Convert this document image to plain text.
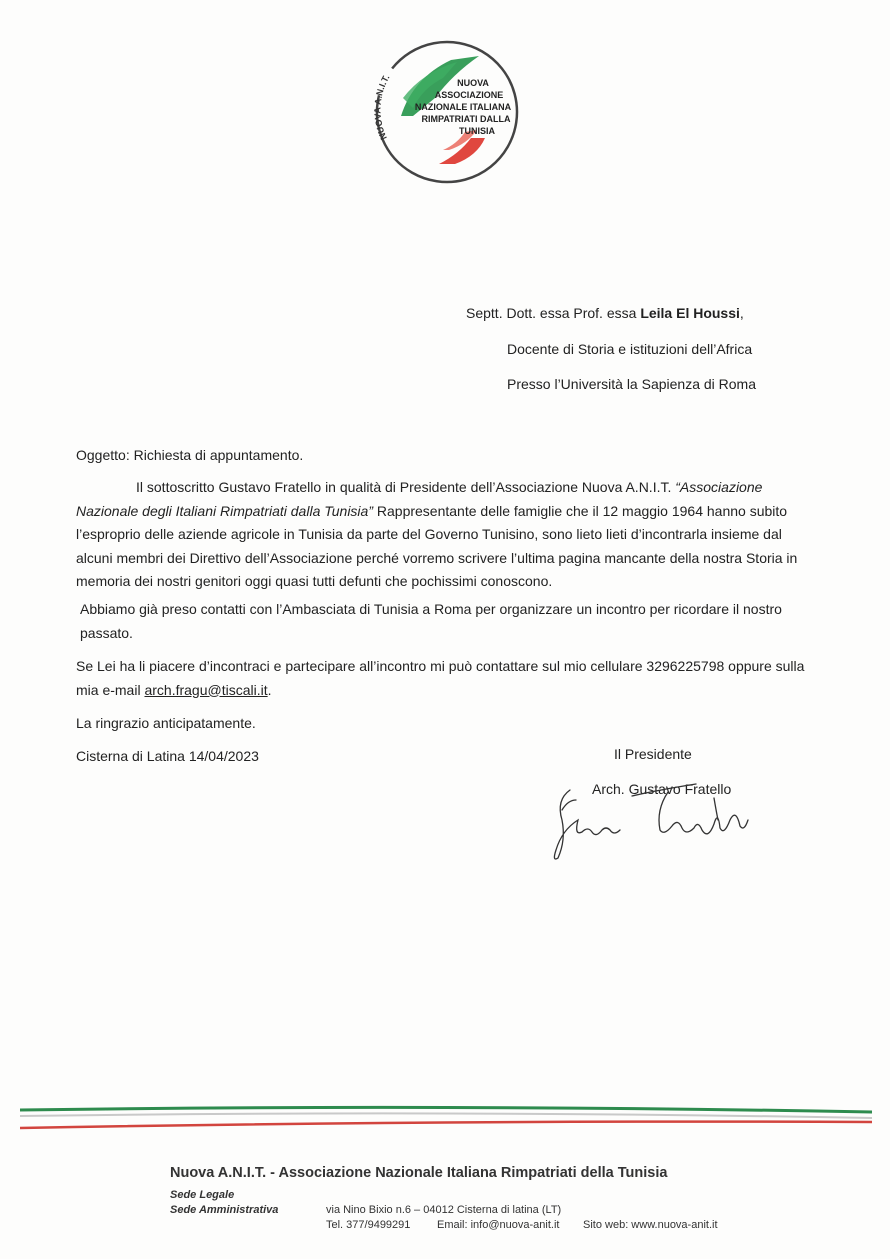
NUOVA A.N.I.T.
NUOVA
ASSOCIAZIONE
NAZIONALE ITALIANA
RIMPATRIATI DALLA
TUNISIA
Septt. Dott. essa Prof. essa Leila El Houssi,
Docente di Storia e istituzioni dell’Africa
Presso l’Università la Sapienza di Roma
Oggetto: Richiesta di appuntamento.
Il sottoscritto Gustavo Fratello in qualità di Presidente dell’Associazione Nuova A.N.I.T. “Associazione Nazionale degli Italiani Rimpatriati dalla Tunisia” Rappresentante delle famiglie che il 12 maggio 1964 hanno subito l’esproprio delle aziende agricole in Tunisia da parte del Governo Tunisino, sono lieto lieti d’incontrarla insieme dal alcuni membri dei Direttivo dell’Associazione perché vorremo scrivere l’ultima pagina mancante della nostra Storia in memoria dei nostri genitori oggi quasi tutti defunti che pochissimi conoscono.
Abbiamo già preso contatti con l’Ambasciata di Tunisia a Roma per organizzare un incontro per ricordare il nostro passato.
Se Lei ha li piacere d’incontraci e partecipare all’incontro mi può contattare sul mio cellulare 3296225798 oppure sulla mia e-mail arch.fragu@tiscali.it.
La ringrazio anticipatamente.
Cisterna di Latina 14/04/2023	Il Presidente
Arch. Gustavo Fratello
Nuova A.N.I.T. - Associazione Nazionale Italiana Rimpatriati della Tunisia
Sede Legale
Sede Amministrativa	via Nino Bixio n.6 – 04012 Cisterna di latina (LT)
Tel. 377/9499291 Email: info@nuova-anit.it Sito web: www.nuova-anit.it
